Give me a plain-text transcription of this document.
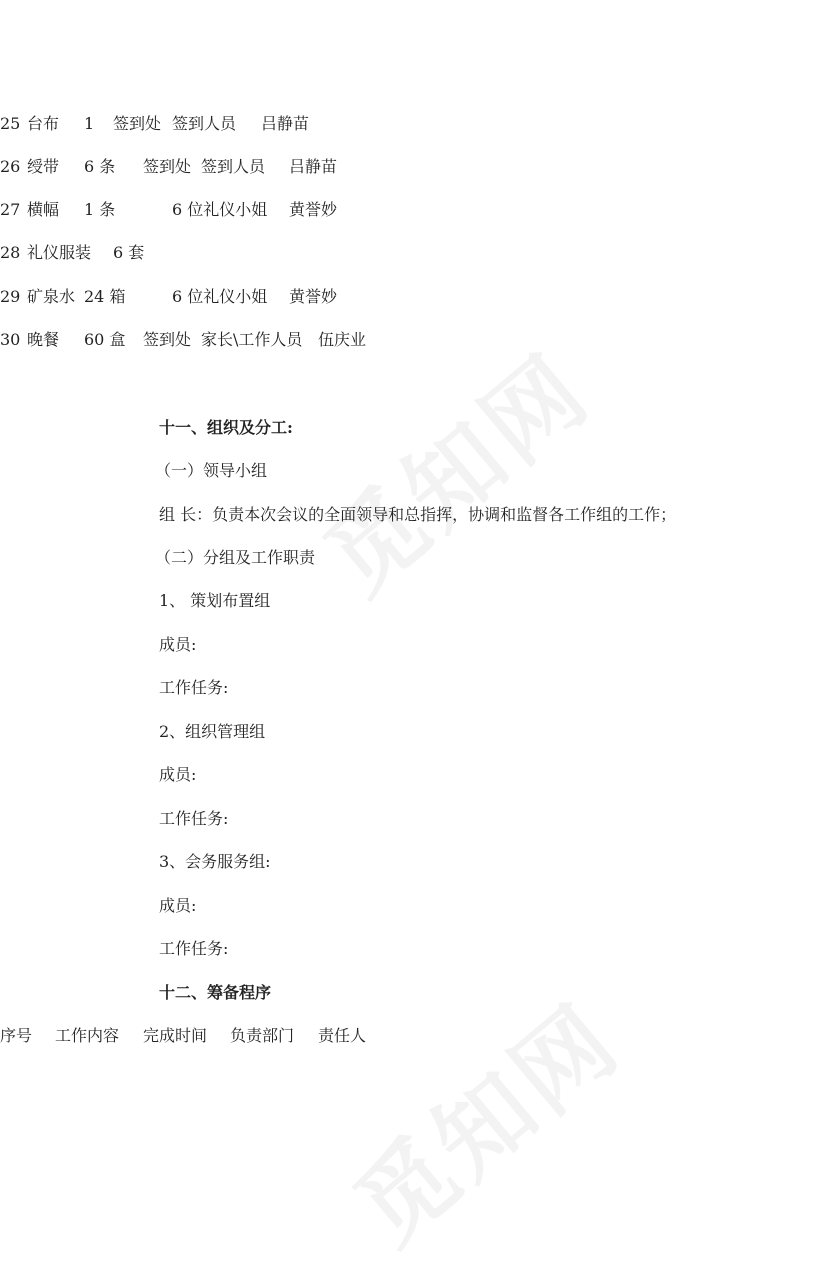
25 台布 1 签到处 签到人员 吕静苗
26 绶带 6 条 签到处 签到人员 吕静苗
27 横幅 1 条	6 位礼仪小姐 黄誉妙
28 礼仪服装 6 套
29 矿泉水 24 箱	6 位礼仪小姐 黄誉妙
30 晚餐 60 盒 签到处 家长\工作人员 伍庆业
十一、组织及分工:
（一）领导小组
组 长：负责本次会议的全面领导和总指挥，协调和监督各工作组的工作；
（二）分组及工作职责
1、 策划布置组
成员:
工作任务:
2、组织管理组
成员:
工作任务:
3、会务服务组:
成员:
工作任务:
十二、筹备程序
序号 工作内容 完成时间 负责部门 责任人
